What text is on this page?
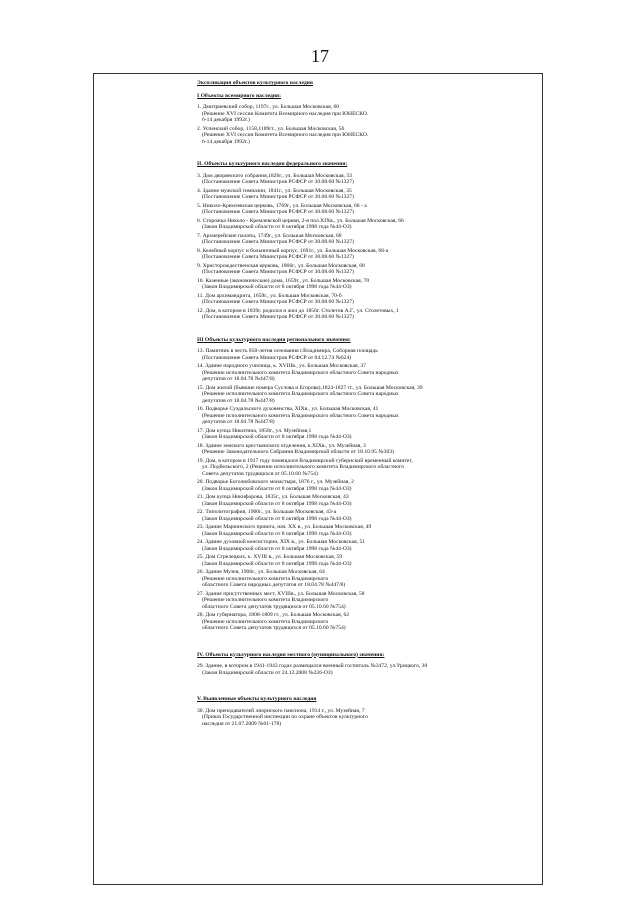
17
Экспликация объектов культурного наследия
I Объекты всемирного наследия:
1. Дмитриевский собор, 1197г., ул. Большая Московская, 60
(Решение XVI сессии Комитета Всемирного наследия при ЮНЕСКО.
6-14 декабря 1992г.)
2. Успенский собор, 1158,1189гг., ул. Большая Московская, 56
(Решение XVI сессии Комитета Всемирного наследия при ЮНЕСКО.
6-14 декабря 1992г.)
II. Объекты культурного наследия федерального значения:
3. Дом дворянского собрания,1826г., ул. Большая Московская, 33
(Постановление Совета Министров РСФСР от 30.08.60 №1327)
4. Здание мужской гимназии, 1841г., ул. Большая Московская, 35
(Постановление Совета Министров РСФСР от 30.08.60 №1327)
5. Николо-Кремлевская церковь, 1769г., ул. Большая Московская, 66 - а
(Постановление Совета Министров РСФСР от 30.08.60 №1327)
6. Сторожка Николо - Кремлевской церкви, 2-я пол.XIXв., ул. Большая Московская, 66
(Закон Владимирской области от 8 октября 1998 года №44-ОЗ)
7. Архиерейские палаты, 1749г., ул. Большая Московская, 68
(Постановление Совета Министров РСФСР от 30.08.60 №1327)
8. Келейный корпус и больничный корпус, 1691г., ул. Большая Московская, 68-а
(Постановление Совета Министров РСФСР от 30.08.60 №1327)
9. Христорождественская церковь, 1866г., ул. Большая Московская, 68
(Постановление Совета Министров РСФСР от 30.08.60 №1327)
10. Казенные (экономические) дома, 1659г., ул. Большая Московская, 70
(Закон Владимирской области от 8 октября 1998 года №44-ОЗ)
11. Дом архимандрита, 1659г., ул. Большая Московская, 70-б
(Постановление Совета Министров РСФСР от 30.08.60 №1327)
12. Дом, в котором в 1839г. родился и жил до 1856г. Столетов А.Г., ул. Столетовых, 1
(Постановление Совета Министров РСФСР от 30.08.60 №1327)
III Объекты культурного наследия регионального значения:
13. Памятник в честь 850-летия основания г.Владимира, Соборная площадь
(Постановление Совета Министров РСФСР от 04.12.74 №624)
14. Здание народного училища, к. XVIIIв., ул. Большая Московская, 37
(Решение исполнительного комитета Владимирского областного Совета народных
депутатов от 18.04.78 №447/8)
15. Дом жилой (бывшие номера Суслова и Егорова),1824-1827 гг., ул. Большая Московская, 39
(Решение исполнительного комитета Владимирского областного Совета народных
депутатов от 18.04.78 №447/8)
16. Подворье Суздальского духовенства, XIXв., ул. Большая Московская, 41
(Решение исполнительного комитета Владимирского областного Совета народных
депутатов от 18.04.78 №447/8)
17. Дом купца Никитина, 1858г., ул. Музейная,1
(Закон Владимирской области от 8 октября 1998 года №44-ОЗ)
18. Здание земского крестьянского отделения, к.XIXв., ул. Музейная, 3
(Решение Законодательного Собрания Владимирской области от 18.10.95 №303)
19. Дом, в котором в 1917 году помещался Владимирский губернский временный комитет,
ул. Подбельского, 2 (Решение исполнительного комитета Владимирского областного
Совета депутатов трудящихся от 05.10.60 №754)
20. Подворье Боголюбовского монастыря, 1876 г., ул. Музейная, 2
(Закон Владимирской области от 8 октября 1998 года №44-ОЗ)
21. Дом купца Никифорова, 1835г., ул. Большая Московская, 43
(Закон Владимирской области от 8 октября 1998 года №44-ОЗ)
22. Типолитография, 1900г., ул. Большая Московская, 43-а
(Закон Владимирской области от 8 октября 1998 года №44-ОЗ)
23. Здание Мариинского приюта, нач. XX в., ул. Большая Московская, 49
(Закон Владимирской области от 8 октября 1998 года №44-ОЗ)
24. Здание духовной консистории, XIX в., ул. Большая Московская, 51
(Закон Владимирской области от 8 октября 1998 года №44-ОЗ)
25. Дом Стрелецких, к. XVIII в., ул. Большая Московская, 59
(Закон Владимирской области от 8 октября 1998 года №44-ОЗ)
26. Здание Музея, 1906г., ул. Большая Московская, 64
(Решение исполнительного комитета Владимирского
областного Совета народных депутатов от 18.04.78 №447/8)
27. Здание присутственных мест, XVIIIв., ул. Большая Московская, 58
(Решение исполнительного комитета Владимирского
областного Совета депутатов трудящихся от 05.10.60 №754)
28. Дом губернатора, 1808-1809 гг., ул. Большая Московская, 62
(Решение исполнительного комитета Владимирского
областного Совета депутатов трудящихся от 05.10.60 №754)
IV. Объекты культурного наследия местного (муниципального) значения:
29. Здание, в котором в 1941-1943 годах размещался военный госпиталь №3472, ул.Урицкого, 30
(Закон Владимирской области от 24.12.2008 №226-ОЗ)
V. Выявленные объекты культурного наследия
30. Дом преподавателей лиорнского пансиона, 1914 г., ул. Музейная, 7
(Приказ Государственной инспекции по охране объектов культурного
наследия от 21.07.2009 №01-178)
